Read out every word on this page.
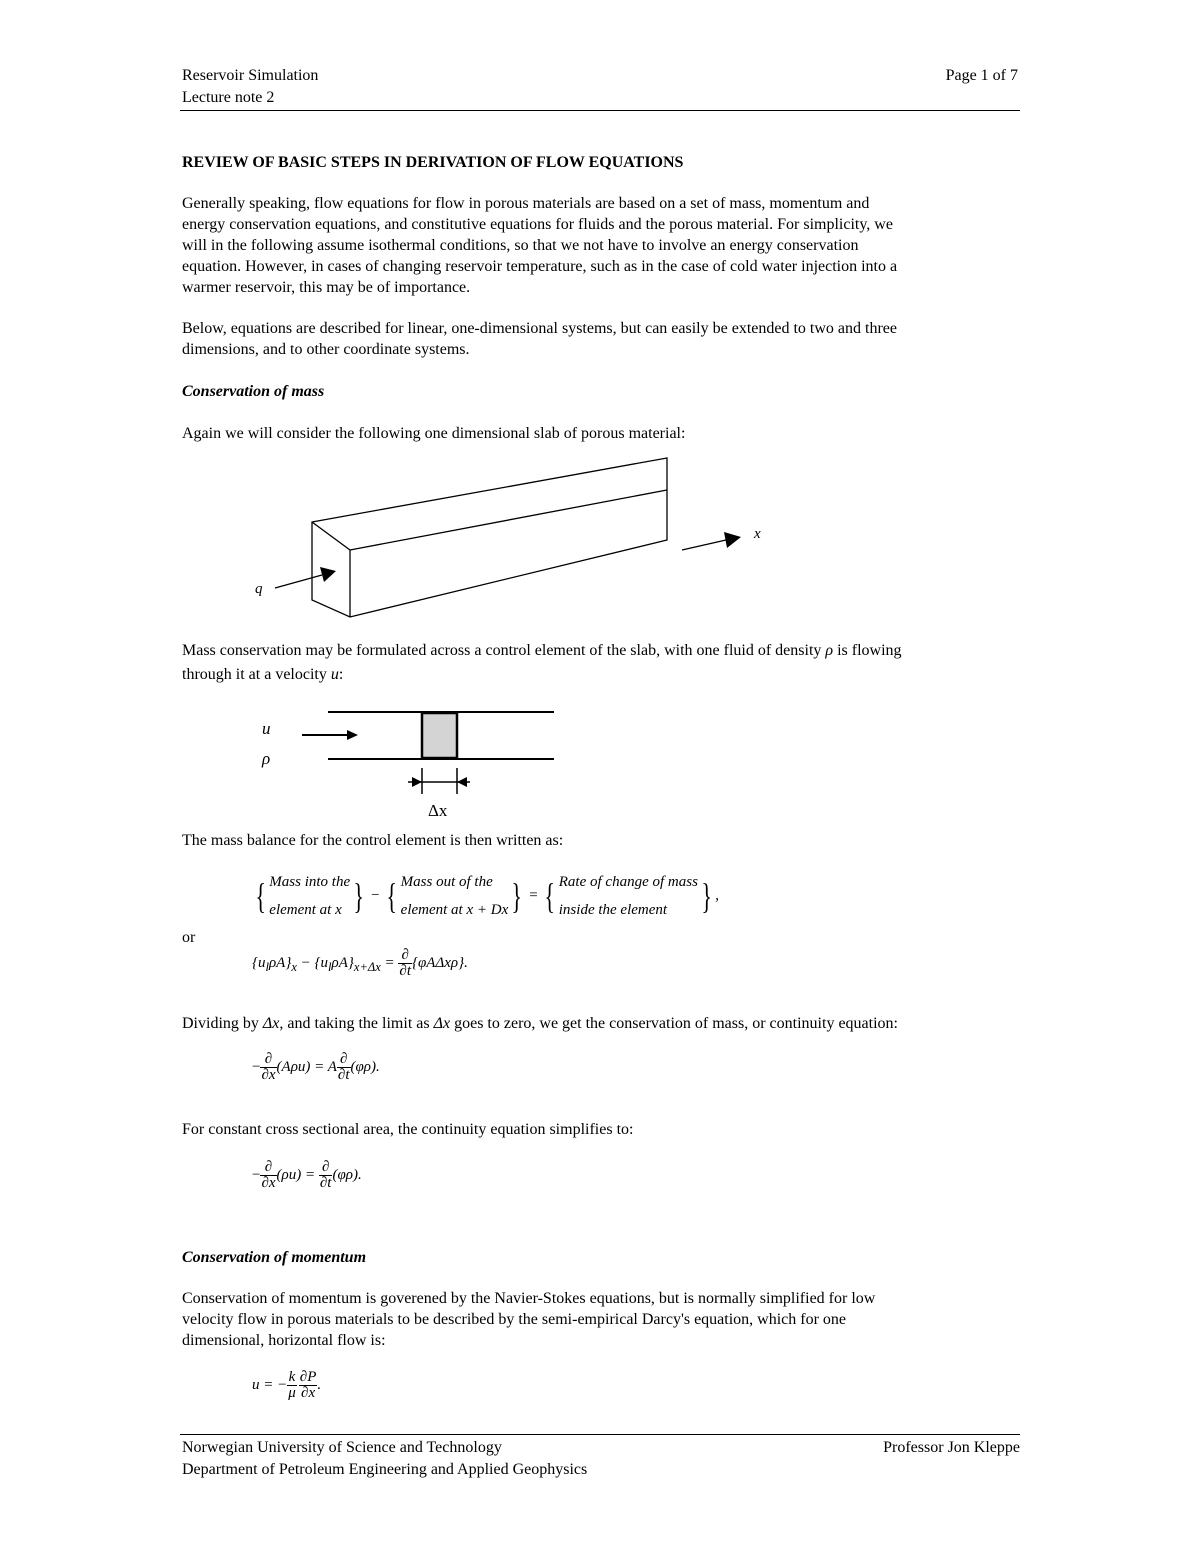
Reservoir Simulation
Lecture note 2
Page 1 of 7
REVIEW OF BASIC STEPS IN DERIVATION OF FLOW EQUATIONS
Generally speaking, flow equations for flow in porous materials are based on a set of mass, momentum and
energy conservation equations, and constitutive equations for fluids and the porous material. For simplicity, we
will in the following assume isothermal conditions, so that we not have to involve an energy conservation
equation. However, in cases of changing reservoir temperature, such as in the case of cold water injection into a
warmer reservoir, this may be of importance.
Below, equations are described for linear, one-dimensional systems, but can easily be extended to two and three
dimensions, and to other coordinate systems.
Conservation of mass
Again we will consider the following one dimensional slab of porous material:
q
x
Mass conservation may be formulated across a control element of the slab, with one fluid of density ρ is flowing
through it at a velocity u:
u
ρ
Δx
The mass balance for the control element is then written as:
{ Mass into the
element at x } − { Mass out of the
element at x + Dx } = { Rate of change of mass
inside the element } ,
or
$\{u_l\rho A\}_x - \{u_l\rho A\}_{x+\Delta x} = \frac{\partial}{\partial t} \{\varphi A\Delta x\rho\}$.
Dividing by Δx, and taking the limit as Δx goes to zero, we get the conservation of mass, or continuity equation:
− $\frac{\partial}{\partial x} (A\rho u) = A \frac{\partial}{\partial t} (\varphi\rho)$.
For constant cross sectional area, the continuity equation simplifies to:
− $\frac{\partial}{\partial x} (\rho u) = \frac{\partial}{\partial t} (\varphi\rho)$.
Conservation of momentum
Conservation of momentum is goverened by the Navier-Stokes equations, but is normally simplified for low
velocity flow in porous materials to be described by the semi-empirical Darcy's equation, which for one
dimensional, horizontal flow is:
u = − $\frac{k}{\mu} \frac{\partial P}{\partial x}$ .
Norwegian University of Science and Technology
Department of Petroleum Engineering and Applied Geophysics
Professor Jon Kleppe
